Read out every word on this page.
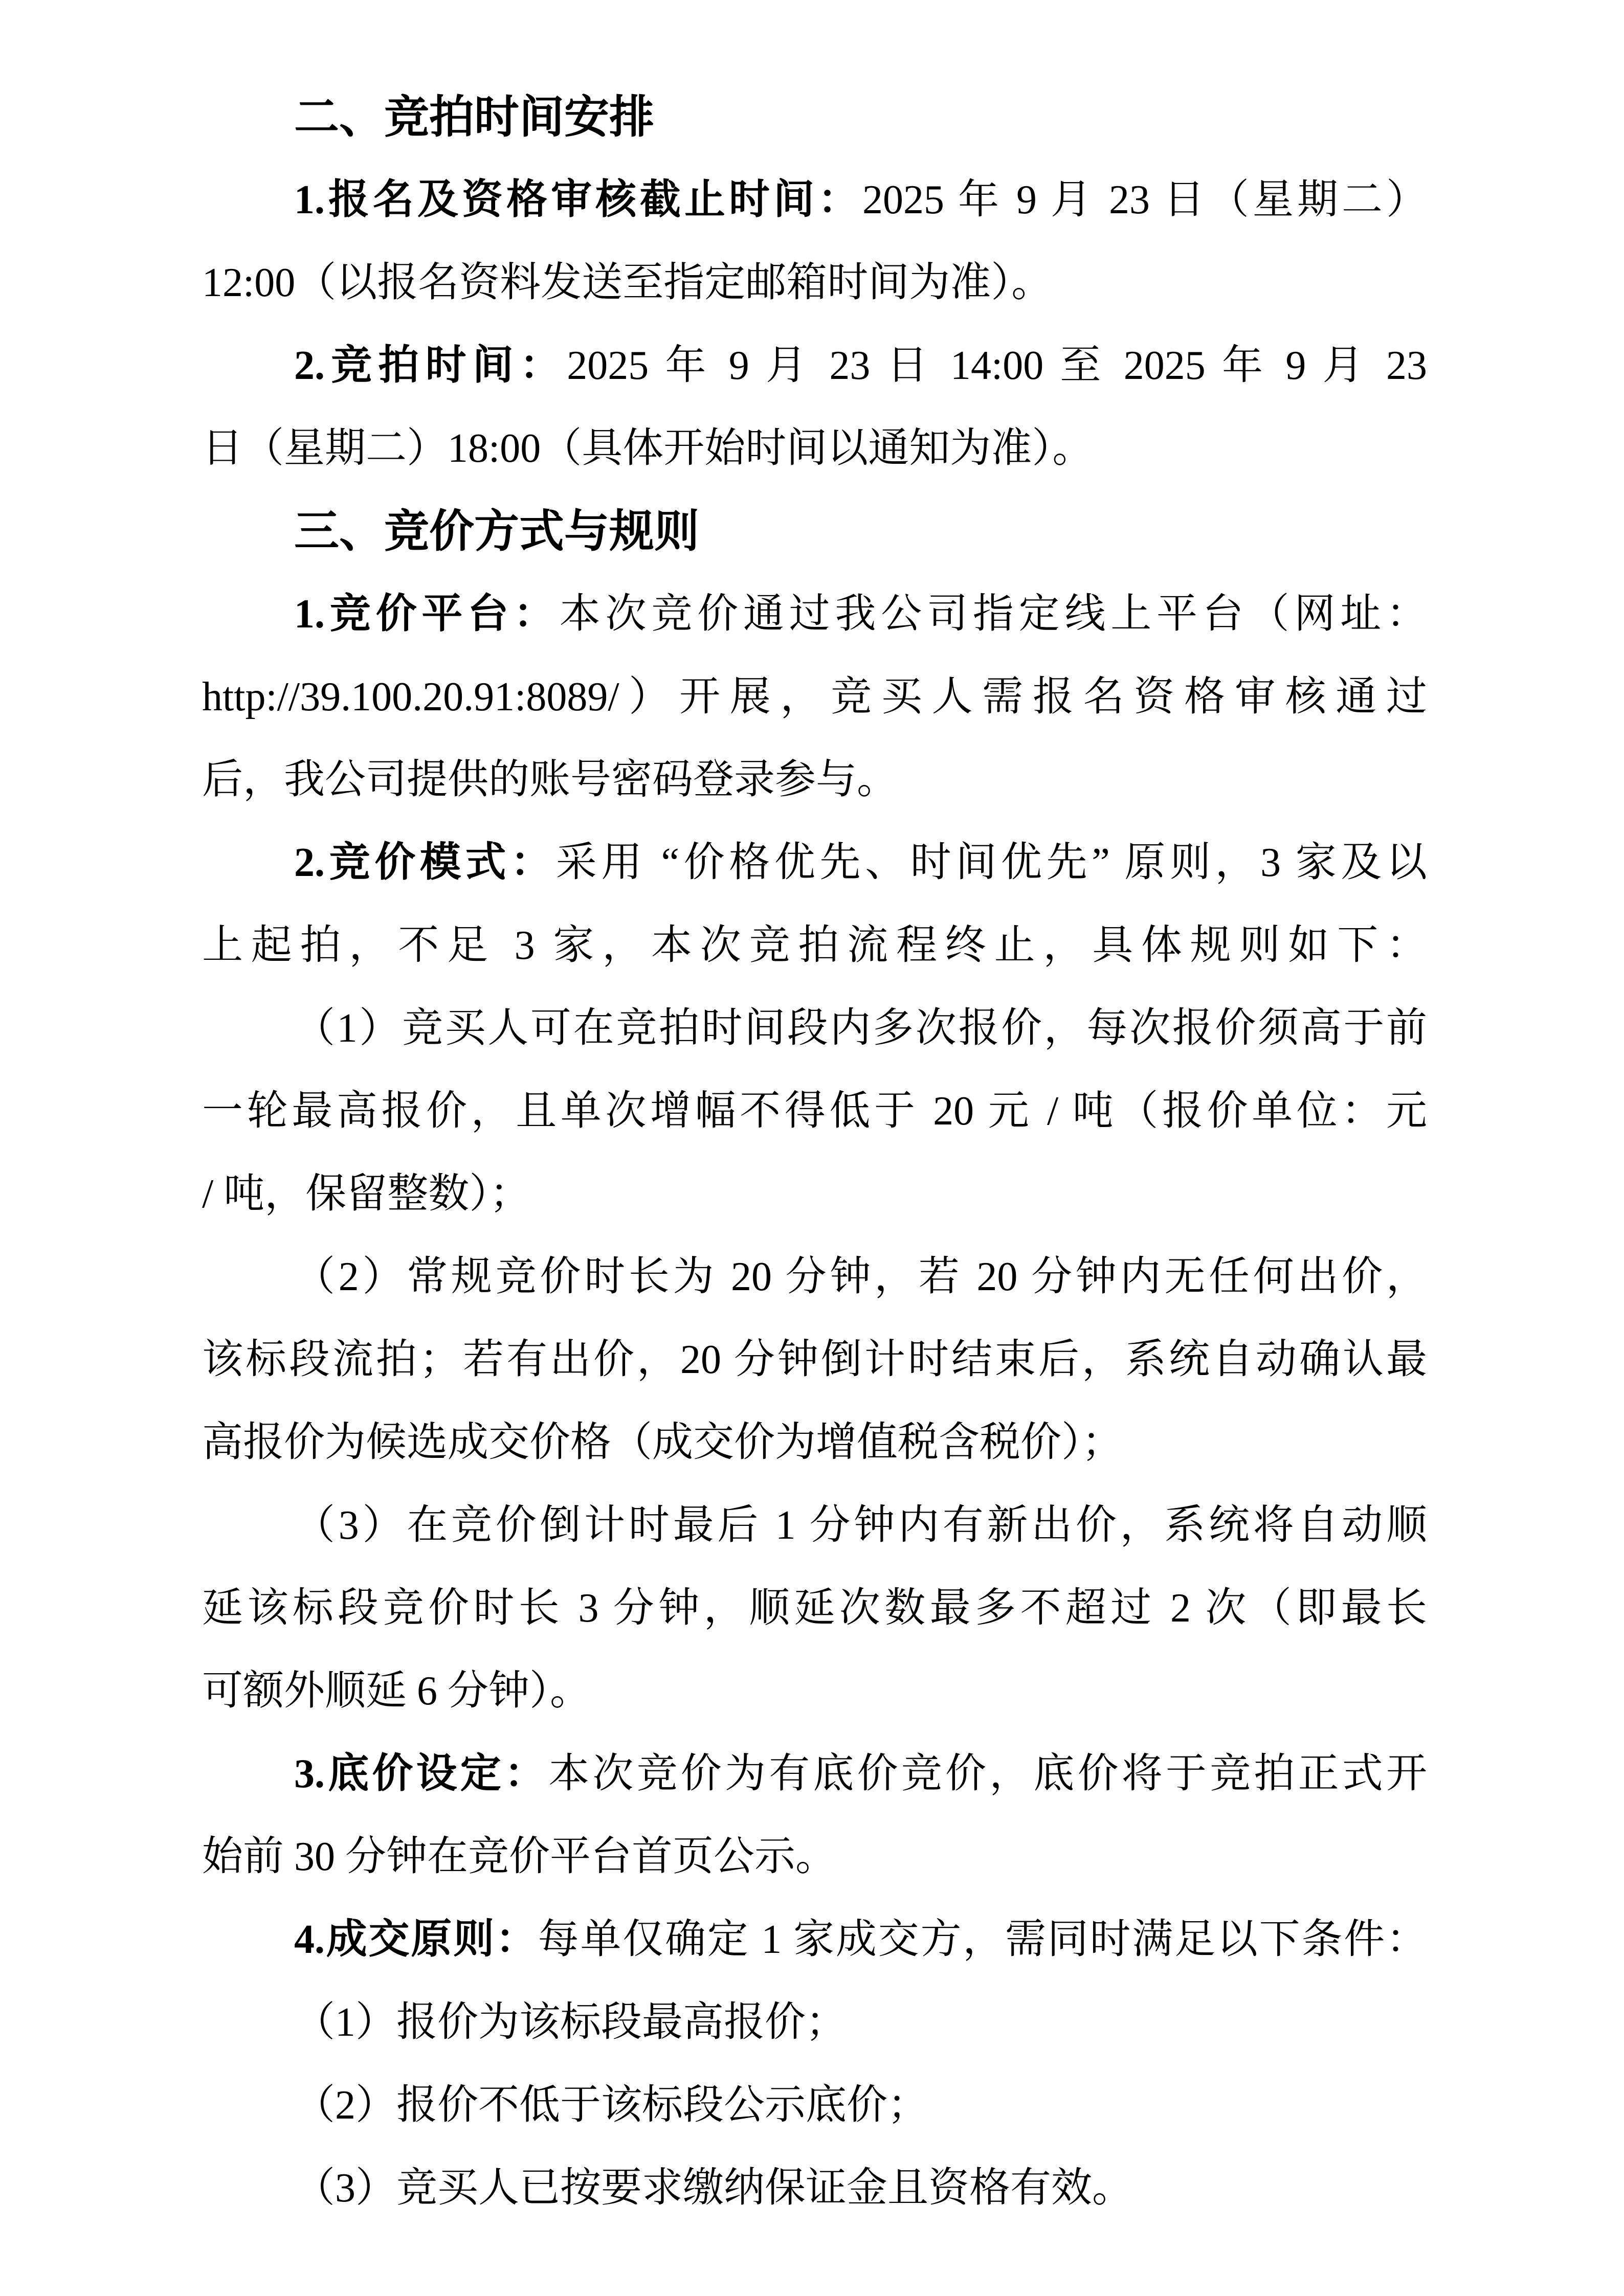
二、竞拍时间安排
1.报名及资格审核截止时间：2025 年 9 月 23 日（星期二）
12:00（以报名资料发送至指定邮箱时间为准）。
2.竞拍时间：2025 年 9 月 23 日 14:00 至 2025 年 9 月 23
日（星期二）18:00（具体开始时间以通知为准）。
三、竞价方式与规则
1.竞价平台：本次竞价通过我公司指定线上平台（网址：
http://39.100.20.91:8089/）开展，竞买人需报名资格审核通过
后，我公司提供的账号密码登录参与。
2.竞价模式：采用 “价格优先、时间优先” 原则，3 家及以
上起拍，不足 3 家，本次竞拍流程终止，具体规则如下：
（1）竞买人可在竞拍时间段内多次报价，每次报价须高于前
一轮最高报价，且单次增幅不得低于 20 元 / 吨（报价单位：元
/ 吨，保留整数）；
（2）常规竞价时长为 20 分钟，若 20 分钟内无任何出价，
该标段流拍；若有出价，20 分钟倒计时结束后，系统自动确认最
高报价为候选成交价格（成交价为增值税含税价）；
（3）在竞价倒计时最后 1 分钟内有新出价，系统将自动顺
延该标段竞价时长 3 分钟，顺延次数最多不超过 2 次（即最长
可额外顺延 6 分钟）。
3.底价设定：本次竞价为有底价竞价，底价将于竞拍正式开
始前 30 分钟在竞价平台首页公示。
4.成交原则：每单仅确定 1 家成交方，需同时满足以下条件：
（1）报价为该标段最高报价；
（2）报价不低于该标段公示底价；
（3）竞买人已按要求缴纳保证金且资格有效。
